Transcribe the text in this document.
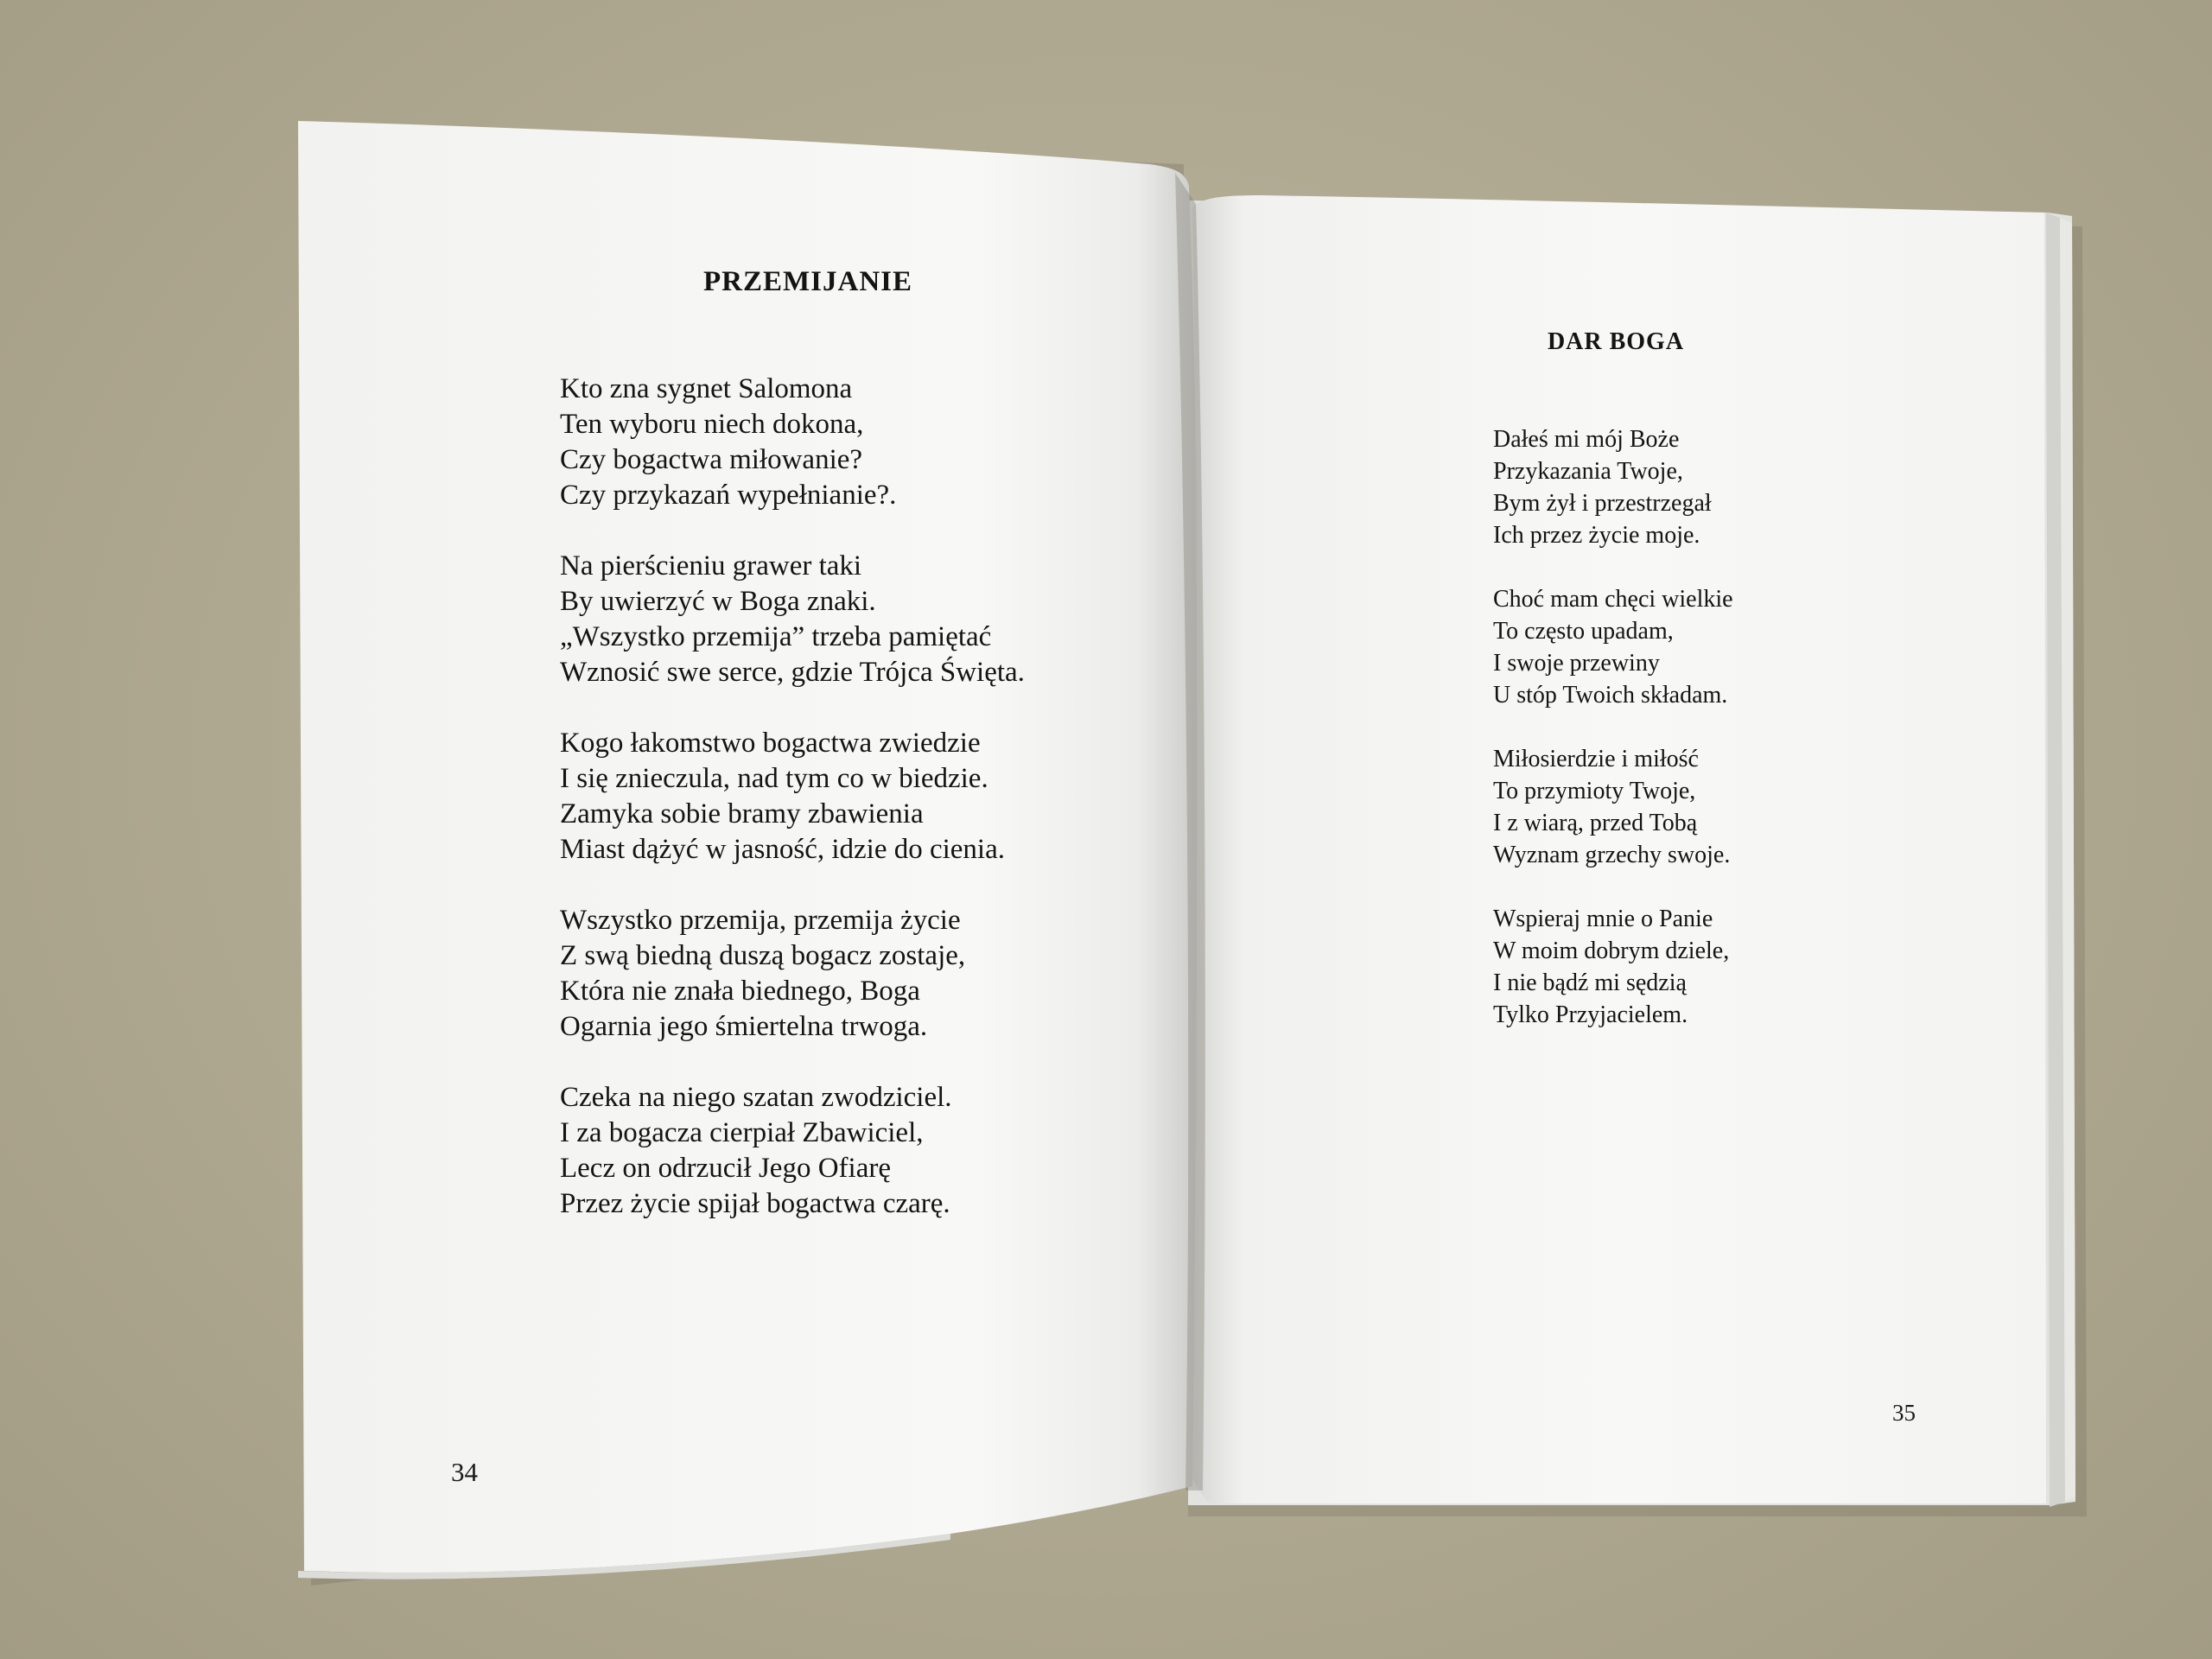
PRZEMIJANIE
Kto zna sygnet Salomona
Ten wyboru niech dokona,
Czy bogactwa miłowanie?
Czy przykazań wypełnianie?.
Na pierścieniu grawer taki
By uwierzyć w Boga znaki.
„Wszystko przemija” trzeba pamiętać
Wznosić swe serce, gdzie Trójca Święta.
Kogo łakomstwo bogactwa zwiedzie
I się znieczula, nad tym co w biedzie.
Zamyka sobie bramy zbawienia
Miast dążyć w jasność, idzie do cienia.
Wszystko przemija, przemija życie
Z swą biedną duszą bogacz zostaje,
Która nie znała biednego, Boga
Ogarnia jego śmiertelna trwoga.
Czeka na niego szatan zwodziciel.
I za bogacza cierpiał Zbawiciel,
Lecz on odrzucił Jego Ofiarę
Przez życie spijał bogactwa czarę.
34
DAR BOGA
Dałeś mi mój Boże
Przykazania Twoje,
Bym żył i przestrzegał
Ich przez życie moje.
Choć mam chęci wielkie
To często upadam,
I swoje przewiny
U stóp Twoich składam.
Miłosierdzie i miłość
To przymioty Twoje,
I z wiarą, przed Tobą
Wyznam grzechy swoje.
Wspieraj mnie o Panie
W moim dobrym dziele,
I nie bądź mi sędzią
Tylko Przyjacielem.
35
